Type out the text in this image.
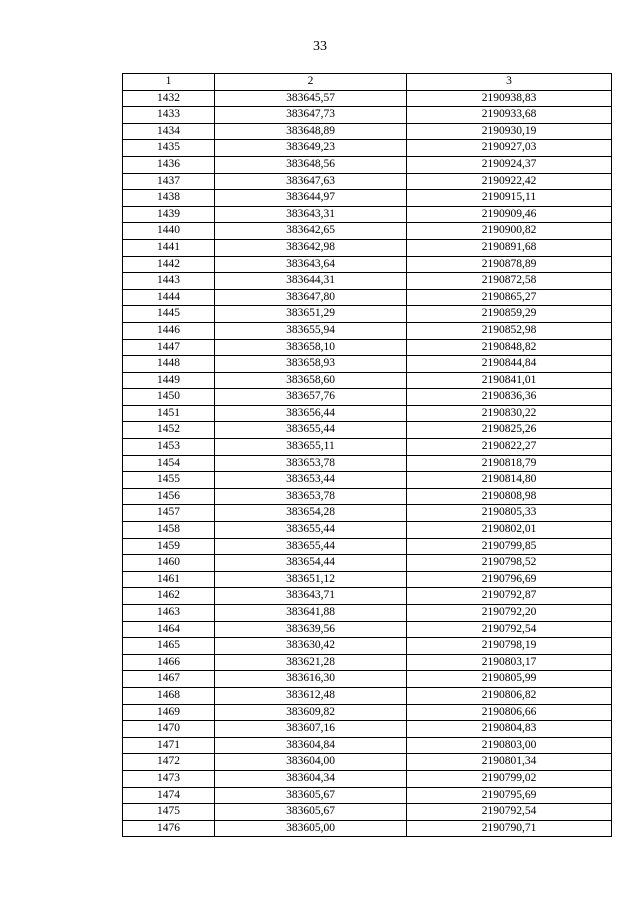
33
1	2	3
1432	383645,57	2190938,83
1433	383647,73	2190933,68
1434	383648,89	2190930,19
1435	383649,23	2190927,03
1436	383648,56	2190924,37
1437	383647,63	2190922,42
1438	383644,97	2190915,11
1439	383643,31	2190909,46
1440	383642,65	2190900,82
1441	383642,98	2190891,68
1442	383643,64	2190878,89
1443	383644,31	2190872,58
1444	383647,80	2190865,27
1445	383651,29	2190859,29
1446	383655,94	2190852,98
1447	383658,10	2190848,82
1448	383658,93	2190844,84
1449	383658,60	2190841,01
1450	383657,76	2190836,36
1451	383656,44	2190830,22
1452	383655,44	2190825,26
1453	383655,11	2190822,27
1454	383653,78	2190818,79
1455	383653,44	2190814,80
1456	383653,78	2190808,98
1457	383654,28	2190805,33
1458	383655,44	2190802,01
1459	383655,44	2190799,85
1460	383654,44	2190798,52
1461	383651,12	2190796,69
1462	383643,71	2190792,87
1463	383641,88	2190792,20
1464	383639,56	2190792,54
1465	383630,42	2190798,19
1466	383621,28	2190803,17
1467	383616,30	2190805,99
1468	383612,48	2190806,82
1469	383609,82	2190806,66
1470	383607,16	2190804,83
1471	383604,84	2190803,00
1472	383604,00	2190801,34
1473	383604,34	2190799,02
1474	383605,67	2190795,69
1475	383605,67	2190792,54
1476	383605,00	2190790,71
